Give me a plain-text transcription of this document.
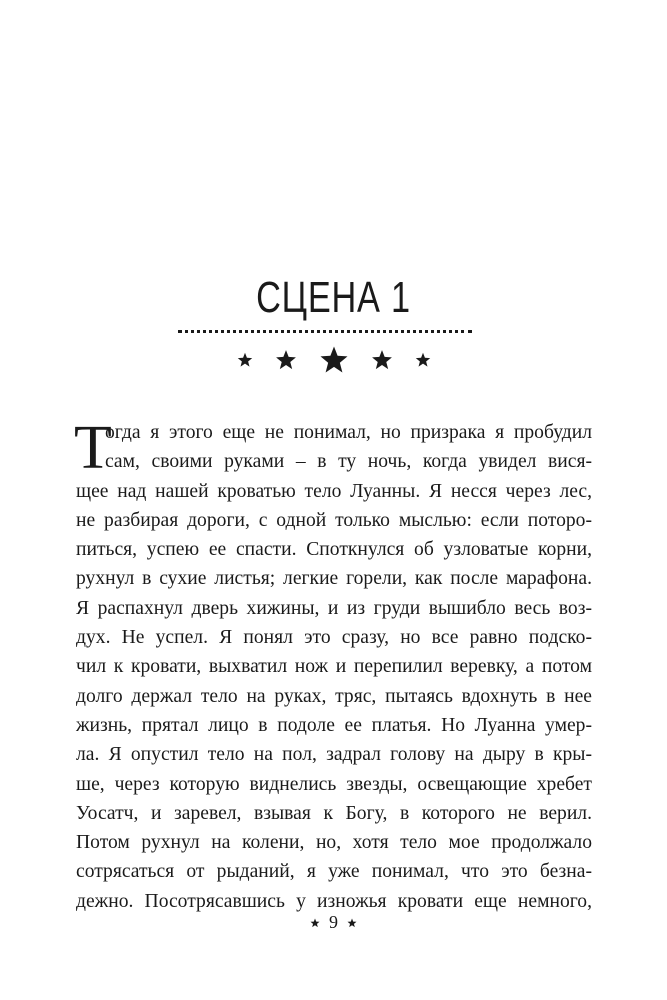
СЦЕНА 1
Т
огда я этого еще не понимал, но призрака я пробудил
сам, своими руками – в ту ночь, когда увидел вися-
щее над нашей кроватью тело Луанны. Я несся через лес,
не разбирая дороги, с одной только мыслью: если поторо-
питься, успею ее спасти. Споткнулся об узловатые корни,
рухнул в сухие листья; легкие горели, как после марафона.
Я распахнул дверь хижины, и из груди вышибло весь воз-
дух. Не успел. Я понял это сразу, но все равно подско-
чил к кровати, выхватил нож и перепилил веревку, а потом
долго держал тело на руках, тряс, пытаясь вдохнуть в нее
жизнь, прятал лицо в подоле ее платья. Но Луанна умер-
ла. Я опустил тело на пол, задрал голову на дыру в кры-
ше, через которую виднелись звезды, освещающие хребет
Уосатч, и заревел, взывая к Богу, в которого не верил.
Потом рухнул на колени, но, хотя тело мое продолжало
сотрясаться от рыданий, я уже понимал, что это безна-
дежно. Посотрясавшись у изножья кровати еще немного,
9
